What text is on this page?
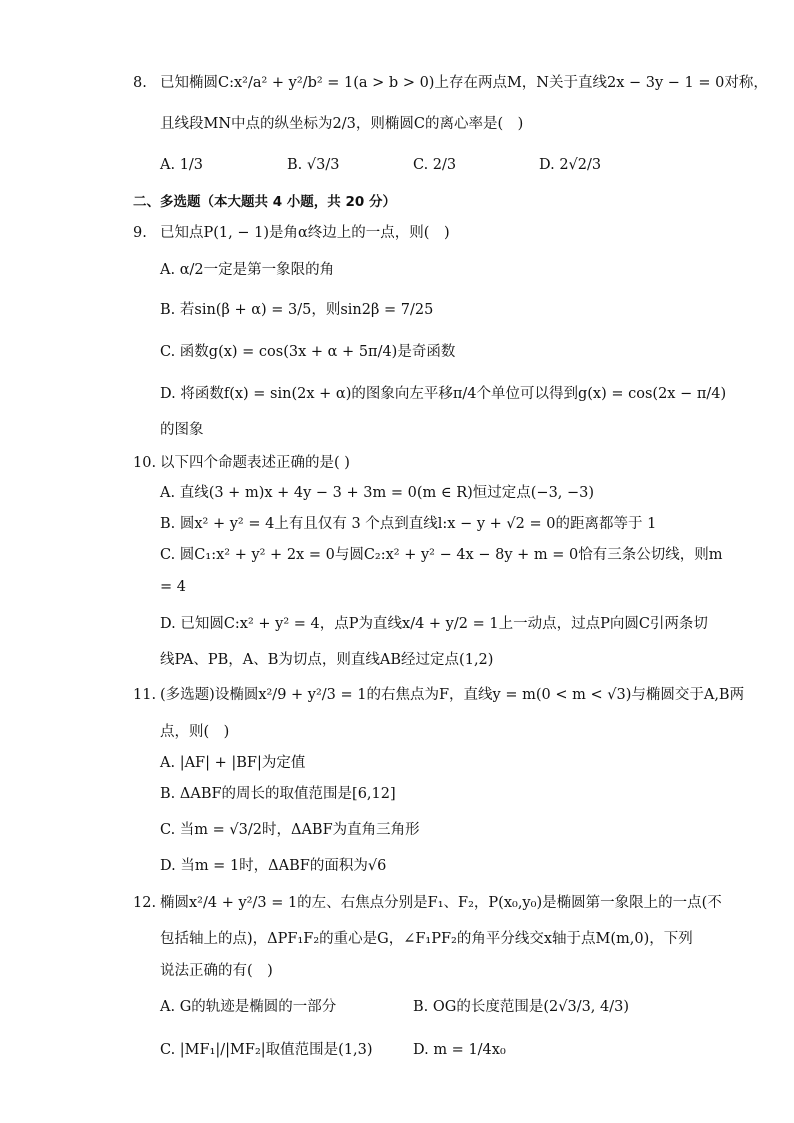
8. 已知椭圆C:x²/a² + y²/b² = 1(a > b > 0)上存在两点M，N关于直线2x − 3y − 1 = 0对称，
且线段MN中点的纵坐标为2/3，则椭圆C的离心率是(　)
A. 1/3	B. √3/3	C. 2/3	D. 2√2/3
二、多选题（本大题共 4 小题，共 20 分）
9. 已知点P(1, − 1)是角α终边上的一点，则(　)
A. α/2一定是第一象限的角
B. 若sin(β + α) = 3/5，则sin2β = 7/25
C. 函数g(x) = cos(3x + α + 5π/4)是奇函数
D. 将函数f(x) = sin(2x + α)的图象向左平移π/4个单位可以得到g(x) = cos(2x − π/4)
的图象
10. 以下四个命题表述正确的是( )
A. 直线(3 + m)x + 4y − 3 + 3m = 0(m ∈ R)恒过定点(−3, −3)
B. 圆x² + y² = 4上有且仅有 3 个点到直线l:x − y + √2 = 0的距离都等于 1
C. 圆C₁:x² + y² + 2x = 0与圆C₂:x² + y² − 4x − 8y + m = 0恰有三条公切线，则m
= 4
D. 已知圆C:x² + y² = 4，点P为直线x/4 + y/2 = 1上一动点，过点P向圆C引两条切
线PA、PB，A、B为切点，则直线AB经过定点(1,2)
11. (多选题)设椭圆x²/9 + y²/3 = 1的右焦点为F，直线y = m(0 < m < √3)与椭圆交于A,B两
点，则(　)
A. |AF| + |BF|为定值
B. ΔABF的周长的取值范围是[6,12]
C. 当m = √3/2时，ΔABF为直角三角形
D. 当m = 1时，ΔABF的面积为√6
12. 椭圆x²/4 + y²/3 = 1的左、右焦点分别是F₁、F₂，P(x₀,y₀)是椭圆第一象限上的一点(不
包括轴上的点)，ΔPF₁F₂的重心是G，∠F₁PF₂的角平分线交x轴于点M(m,0)，下列
说法正确的有(　)
A. G的轨迹是椭圆的一部分	B. OG的长度范围是(2√3/3, 4/3)
C. |MF₁|/|MF₂|取值范围是(1,3)	D. m = 1/4x₀
